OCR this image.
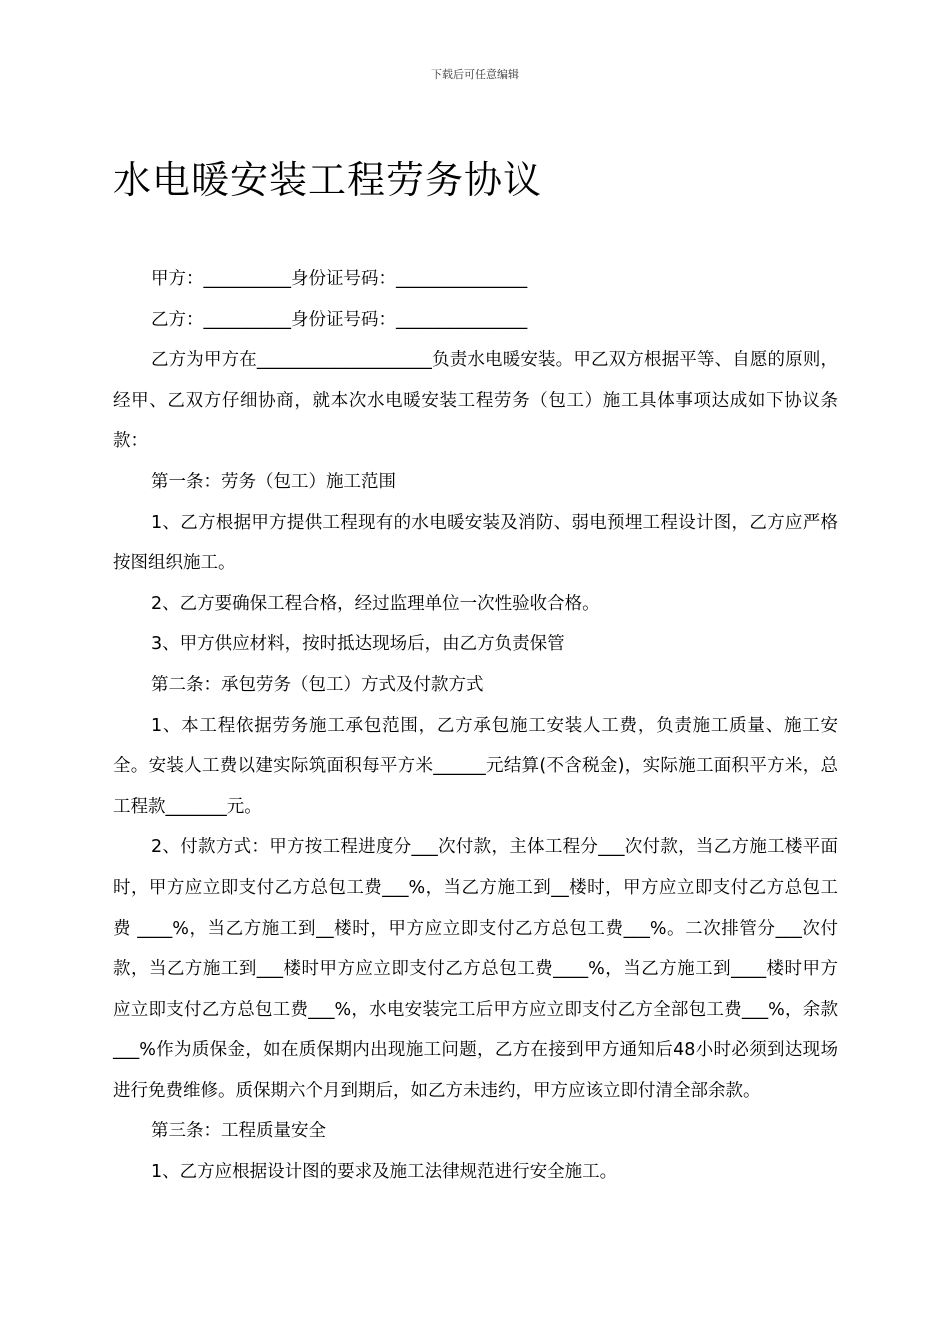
下载后可任意编辑
水电暖安装工程劳务协议

甲方：__________身份证号码：_______________

乙方：__________身份证号码：_______________

乙方为甲方在____________________负责水电暖安装。甲乙双方根据平等、自愿的原则，经甲、乙双方仔细协商，就本次水电暖安装工程劳务（包工）施工具体事项达成如下协议条款：

第一条：劳务（包工）施工范围

1、乙方根据甲方提供工程现有的水电暖安装及消防、弱电预埋工程设计图，乙方应严格按图组织施工。

2、乙方要确保工程合格，经过监理单位一次性验收合格。

3、甲方供应材料，按时抵达现场后，由乙方负责保管

第二条：承包劳务（包工）方式及付款方式

1、本工程依据劳务施工承包范围，乙方承包施工安装人工费，负责施工质量、施工安全。安装人工费以建实际筑面积每平方米______元结算(不含税金)，实际施工面积平方米，总工程款_______元。

2、付款方式：甲方按工程进度分___次付款，主体工程分___次付款，当乙方施工楼平面时，甲方应立即支付乙方总包工费___%，当乙方施工到__楼时，甲方应立即支付乙方总包工费 ____%，当乙方施工到__楼时，甲方应立即支付乙方总包工费___%。二次排管分___次付款，当乙方施工到___楼时甲方应立即支付乙方总包工费____%，当乙方施工到____楼时甲方应立即支付乙方总包工费___%，水电安装完工后甲方应立即支付乙方全部包工费___%，余款___%作为质保金，如在质保期内出现施工问题，乙方在接到甲方通知后48小时必须到达现场进行免费维修。质保期六个月到期后，如乙方未违约，甲方应该立即付清全部余款。

第三条：工程质量安全

1、乙方应根据设计图的要求及施工法律规范进行安全施工。
